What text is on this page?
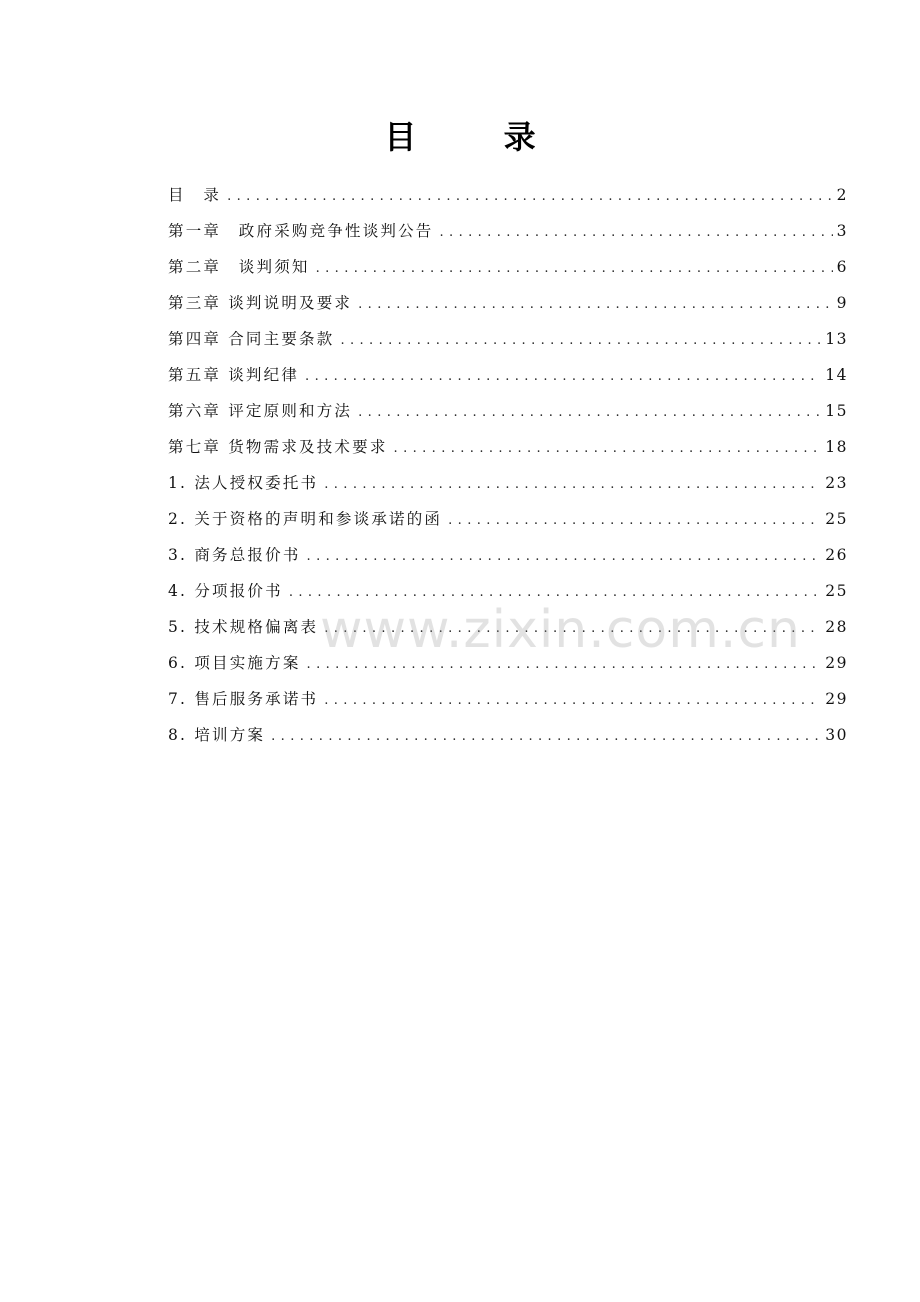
目 录
目　录 .....	2
第一章　政府采购竞争性谈判公告 .....	3
第二章　谈判须知 .....	6
第三章 谈判说明及要求 .....	9
第四章 合同主要条款 .....	13
第五章 谈判纪律 .....	14
第六章 评定原则和方法 .....	15
第七章 货物需求及技术要求 .....	18
1. 法人授权委托书 .....	23
2. 关于资格的声明和参谈承诺的函 .....	25
3. 商务总报价书 .....	26
4. 分项报价书 .....	25
5. 技术规格偏离表 .....	28
6. 项目实施方案 .....	29
7. 售后服务承诺书 .....	29
8. 培训方案 .....	30
www.zixin.com.cn
